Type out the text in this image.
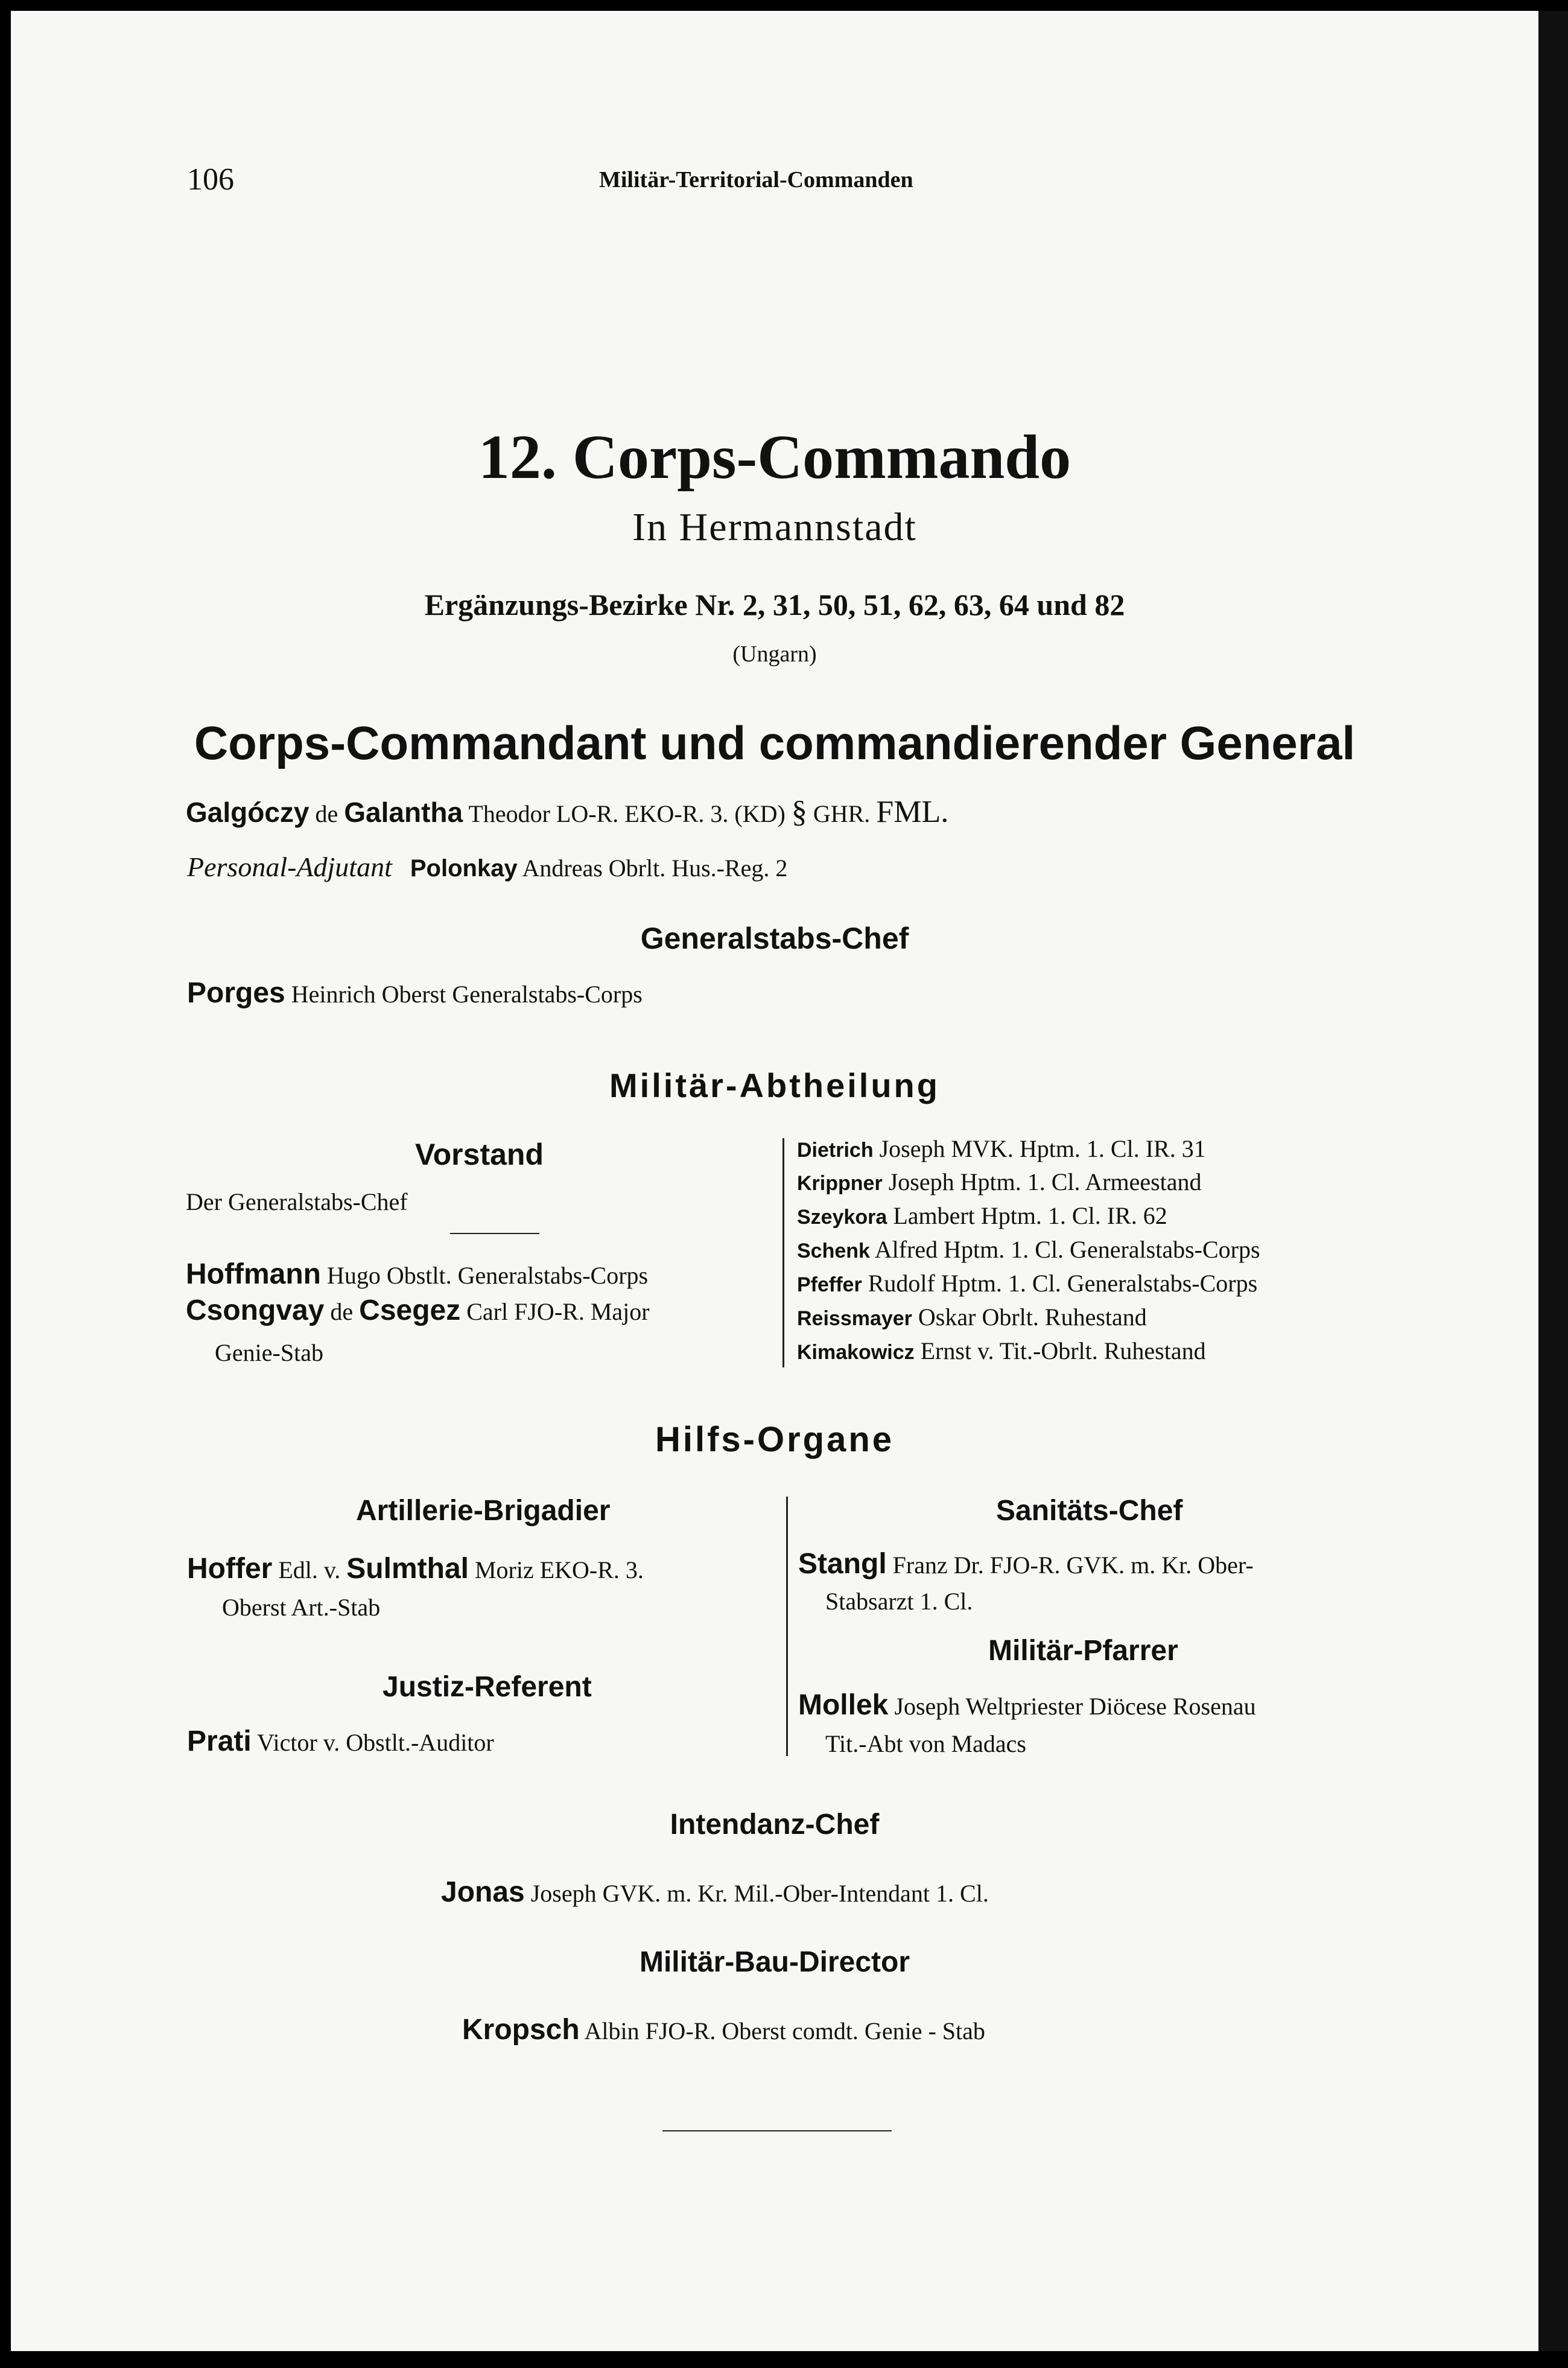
106	Militär-Territorial-Commanden
12. Corps-Commando
In Hermannstadt
Ergänzungs-Bezirke Nr. 2, 31, 50, 51, 62, 63, 64 und 82
(Ungarn)
Corps-Commandant und commandierender General
Galgóczy de Galantha Theodor LO-R. EKO-R. 3. (KD) § GHR. FML.
Personal-Adjutant Polonkay Andreas Obrlt. Hus.-Reg. 2
Generalstabs-Chef
Porges Heinrich Oberst Generalstabs-Corps
Militär-Abtheilung
Vorstand
Der Generalstabs-Chef
Hoffmann Hugo Obstlt. Generalstabs-Corps
Csongvay de Csegez Carl FJO-R. Major
Genie-Stab
Dietrich Joseph MVK. Hptm. 1. Cl. IR. 31
Krippner Joseph Hptm. 1. Cl. Armeestand
Szeykora Lambert Hptm. 1. Cl. IR. 62
Schenk Alfred Hptm. 1. Cl. Generalstabs-Corps
Pfeffer Rudolf Hptm. 1. Cl. Generalstabs-Corps
Reissmayer Oskar Obrlt. Ruhestand
Kimakowicz Ernst v. Tit.-Obrlt. Ruhestand
Hilfs-Organe
Artillerie-Brigadier
Hoffer Edl. v. Sulmthal Moriz EKO-R. 3.
Oberst Art.-Stab
Justiz-Referent
Prati Victor v. Obstlt.-Auditor
Sanitäts-Chef
Stangl Franz Dr. FJO-R. GVK. m. Kr. Ober-
Stabsarzt 1. Cl.
Militär-Pfarrer
Mollek Joseph Weltpriester Diöcese Rosenau
Tit.-Abt von Madacs
Intendanz-Chef
Jonas Joseph GVK. m. Kr. Mil.-Ober-Intendant 1. Cl.
Militär-Bau-Director
Kropsch Albin FJO-R. Oberst comdt. Genie - Stab
